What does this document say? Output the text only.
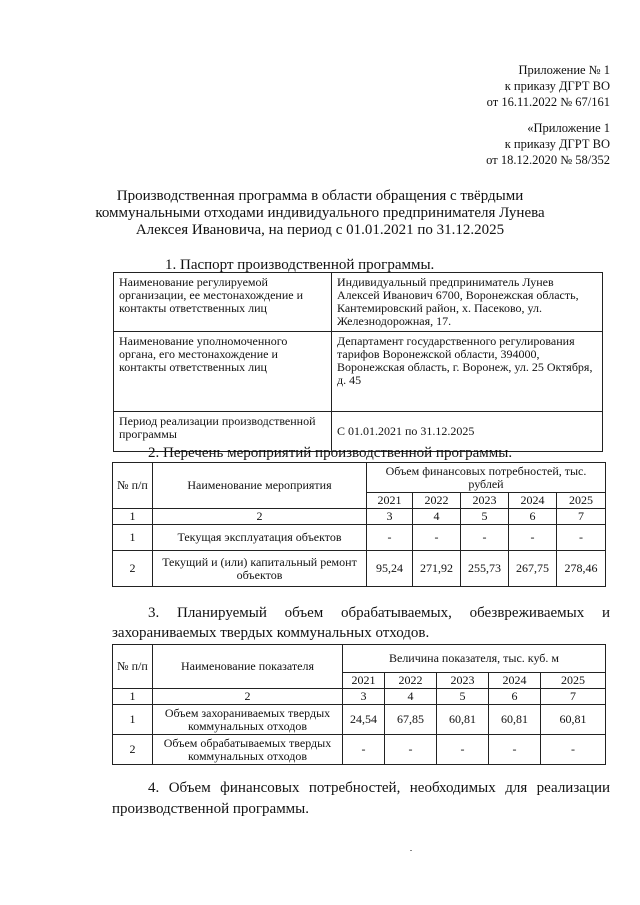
Приложение № 1
к приказу ДГРТ ВО
от 16.11.2022 № 67/161
«Приложение 1
к приказу ДГРТ ВО
от 18.12.2020 № 58/352
Производственная программа в области обращения с твёрдыми
коммунальными отходами индивидуального предпринимателя Лунева
Алексея Ивановича, на период с 01.01.2021 по 31.12.2025
1. Паспорт производственной программы.
Наименование регулируемой организации, ее местонахождение и контакты ответственных лиц	Индивидуальный предприниматель Лунев Алексей Иванович 6700, Воронежская область, Кантемировский район, х. Пасеково, ул. Железнодорожная, 17.
Наименование уполномоченного органа, его местонахождение и контакты ответственных лиц	Департамент государственного регулирования тарифов Воронежской области, 394000, Воронежская область, г. Воронеж, ул. 25 Октября, д. 45
Период реализации производственной программы	С 01.01.2021 по 31.12.2025
2. Перечень мероприятий производственной программы.
№ п/п	Наименование мероприятия	Объем финансовых потребностей, тыс. рублей				
		2021	2022	2023	2024	2025
1	2	3	4	5	6	7
1	Текущая эксплуатация объектов	-	-	-	-	-
2	Текущий и (или) капитальный ремонт объектов	95,24	271,92	255,73	267,75	278,46
3. Планируемый объем обрабатываемых, обезвреживаемых и
захораниваемых твердых коммунальных отходов.
№ п/п	Наименование показателя	Величина показателя, тыс. куб. м				
		2021	2022	2023	2024	2025
1	2	3	4	5	6	7
1	Объем захораниваемых твердых коммунальных отходов	24,54	67,85	60,81	60,81	60,81
2	Объем обрабатываемых твердых коммунальных отходов	-	-	-	-	-
4. Объем финансовых потребностей, необходимых для реализации
производственной программы.
